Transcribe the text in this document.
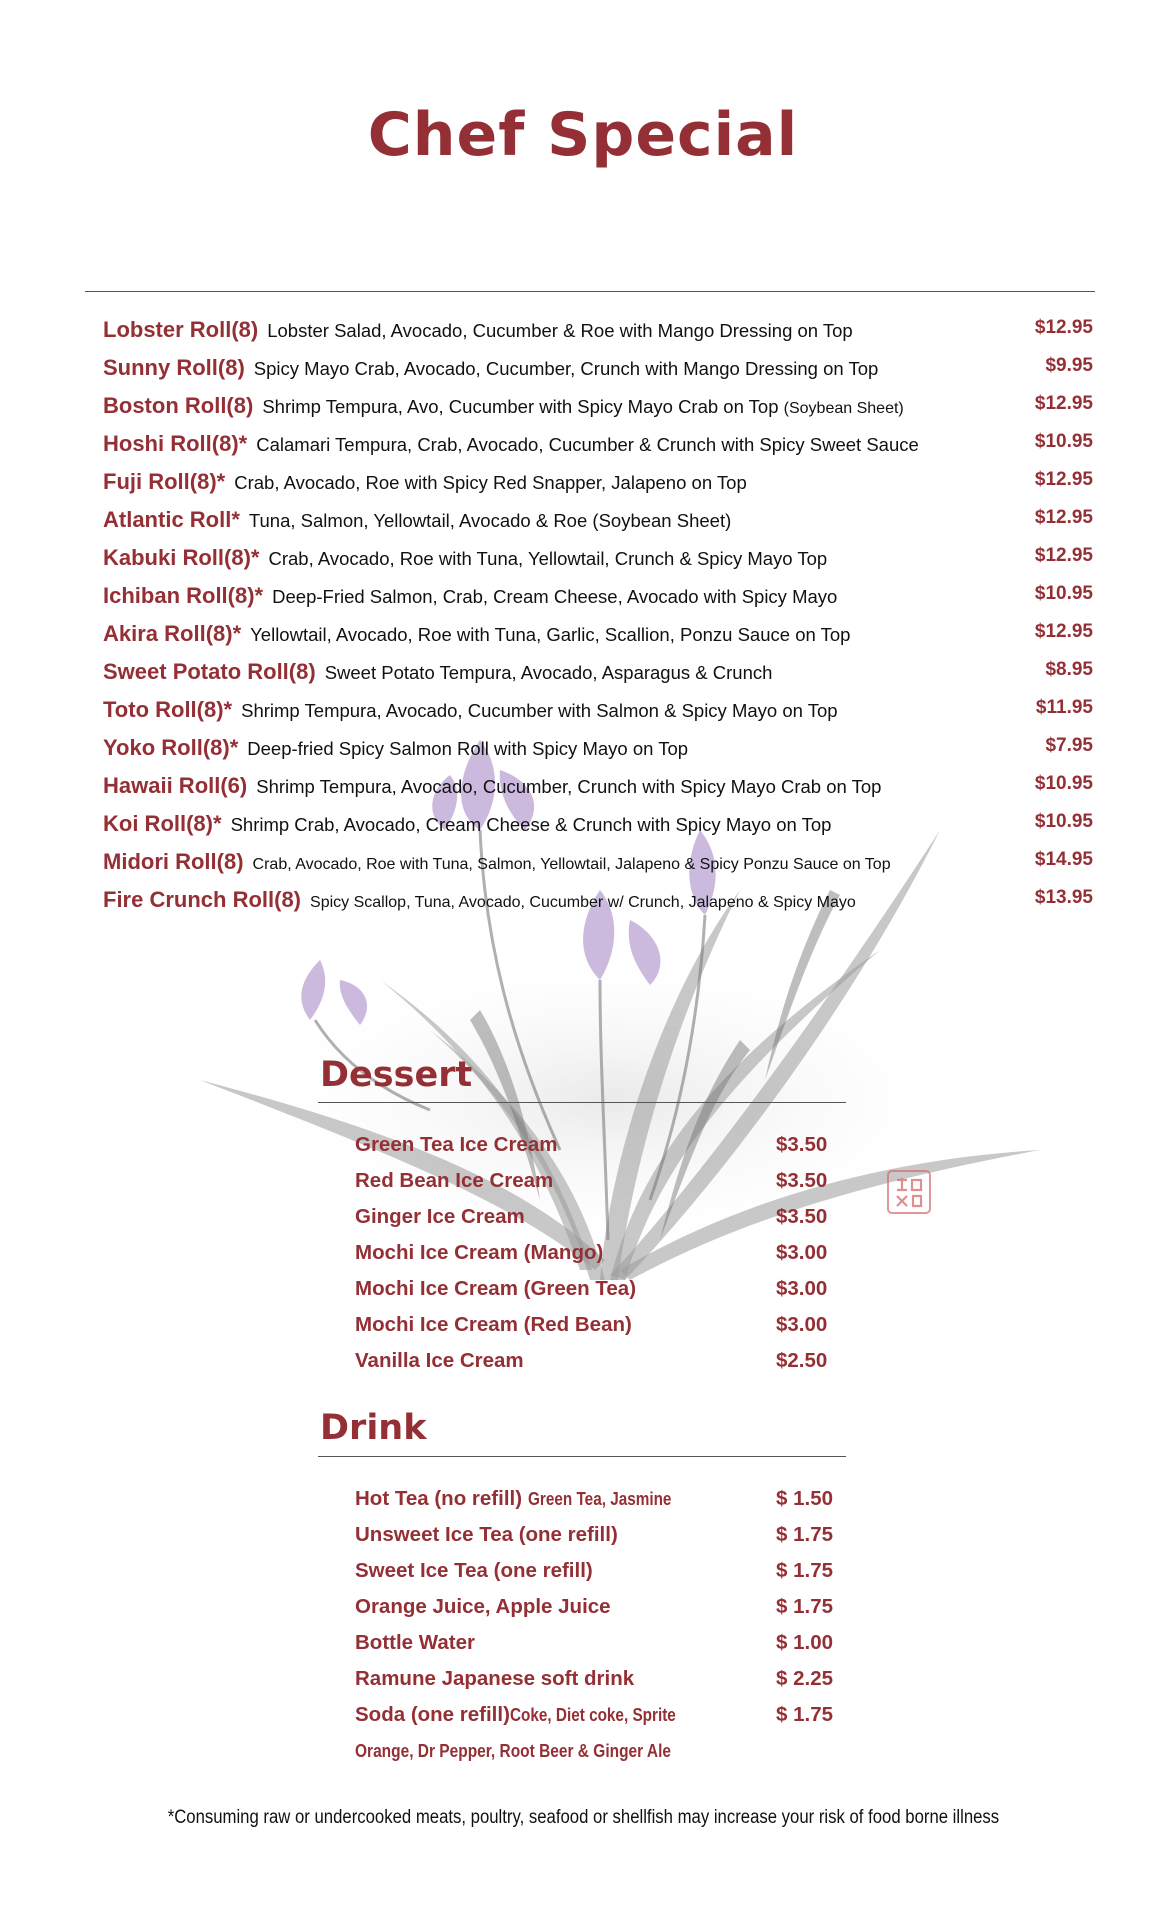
Chef Special
Lobster Roll(8) Lobster Salad, Avocado, Cucumber & Roe with Mango Dressing on Top	$12.95
Sunny Roll(8) Spicy Mayo Crab, Avocado, Cucumber, Crunch with Mango Dressing on Top	$9.95
Boston Roll(8) Shrimp Tempura, Avo, Cucumber with Spicy Mayo Crab on Top (Soybean Sheet)	$12.95
Hoshi Roll(8)* Calamari Tempura, Crab, Avocado, Cucumber & Crunch with Spicy Sweet Sauce	$10.95
Fuji Roll(8)* Crab, Avocado, Roe with Spicy Red Snapper, Jalapeno on Top	$12.95
Atlantic Roll* Tuna, Salmon, Yellowtail, Avocado & Roe (Soybean Sheet)	$12.95
Kabuki Roll(8)* Crab, Avocado, Roe with Tuna, Yellowtail, Crunch & Spicy Mayo Top	$12.95
Ichiban Roll(8)* Deep-Fried Salmon, Crab, Cream Cheese, Avocado with Spicy Mayo	$10.95
Akira Roll(8)* Yellowtail, Avocado, Roe with Tuna, Garlic, Scallion, Ponzu Sauce on Top	$12.95
Sweet Potato Roll(8) Sweet Potato Tempura, Avocado, Asparagus & Crunch	$8.95
Toto Roll(8)* Shrimp Tempura, Avocado, Cucumber with Salmon & Spicy Mayo on Top	$11.95
Yoko Roll(8)* Deep-fried Spicy Salmon Roll with Spicy Mayo on Top	$7.95
Hawaii Roll(6) Shrimp Tempura, Avocado, Cucumber, Crunch with Spicy Mayo Crab on Top	$10.95
Koi Roll(8)* Shrimp Crab, Avocado, Cream Cheese & Crunch with Spicy Mayo on Top	$10.95
Midori Roll(8) Crab, Avocado, Roe with Tuna, Salmon, Yellowtail, Jalapeno & Spicy Ponzu Sauce on Top	$14.95
Fire Crunch Roll(8) Spicy Scallop, Tuna, Avocado, Cucumber w/ Crunch, Jalapeno & Spicy Mayo	$13.95
Dessert
Green Tea Ice Cream	$3.50
Red Bean Ice Cream	$3.50
Ginger Ice Cream	$3.50
Mochi Ice Cream (Mango)	$3.00
Mochi Ice Cream (Green Tea)	$3.00
Mochi Ice Cream (Red Bean)	$3.00
Vanilla Ice Cream	$2.50
Drink
Hot Tea (no refill) Green Tea, Jasmine	$ 1.50
Unsweet Ice Tea (one refill)	$ 1.75
Sweet Ice Tea (one refill)	$ 1.75
Orange Juice, Apple Juice	$ 1.75
Bottle Water	$ 1.00
Ramune Japanese soft drink	$ 2.25
Soda (one refill)Coke, Diet coke, Sprite	$ 1.75
Orange, Dr Pepper, Root Beer & Ginger Ale
*Consuming raw or undercooked meats, poultry, seafood or shellfish may increase your risk of food borne illness
